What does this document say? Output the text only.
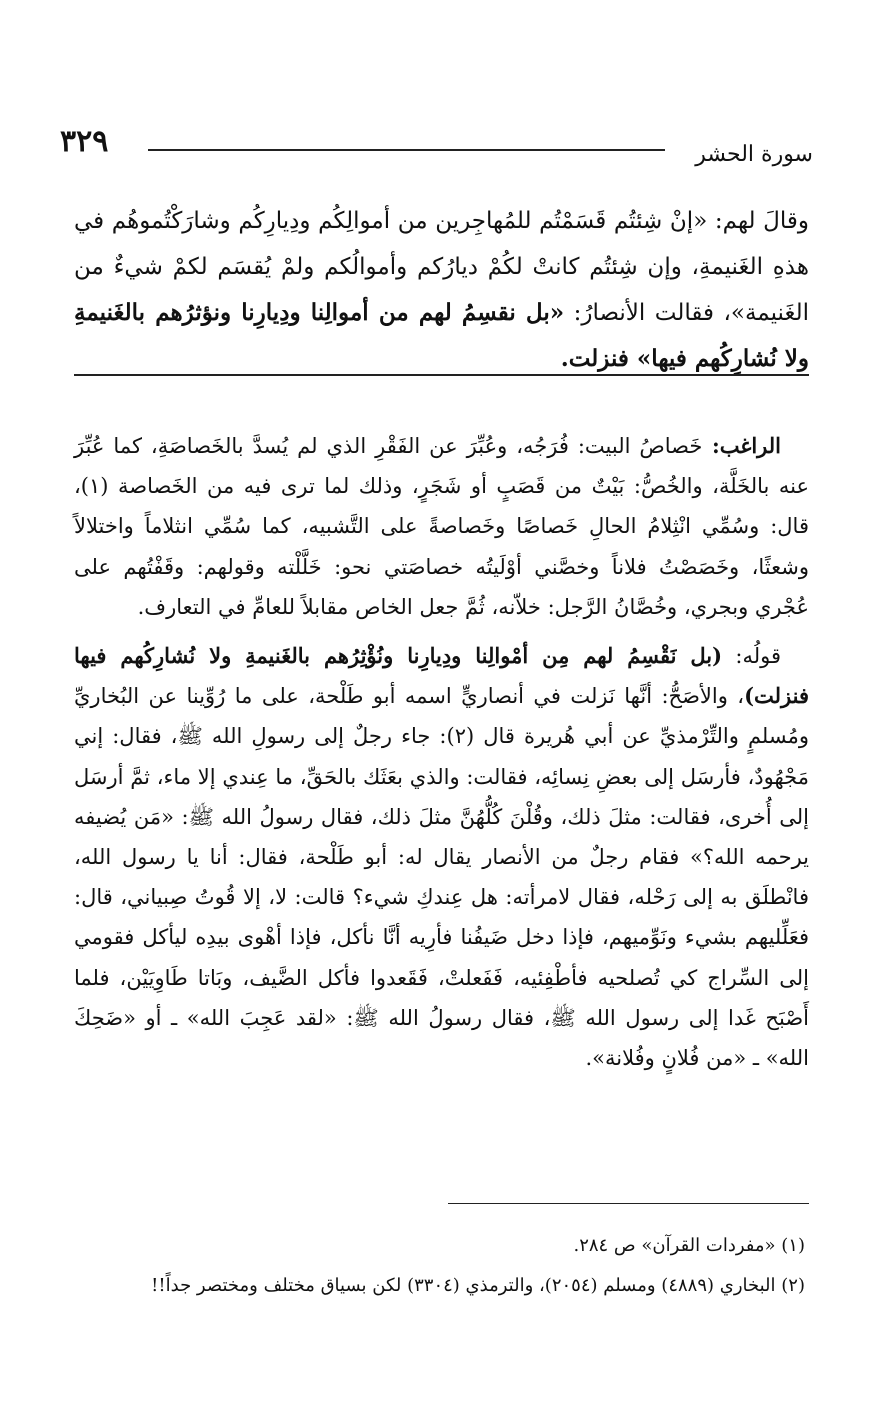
٣٢٩	سورة الحشر
وقالَ لهم: «إنْ شِئتُم قَسَمْتُم للمُهاجِرين من أموالِكُم ودِيارِكُم وشارَكْتُموهُم في هذهِ الغَنيمةِ، وإن شِئتُم كانتْ لكُمْ ديارُكم وأموالُكم ولمْ يُقسَم لكمْ شيءٌ من الغَنيمة»، فقالت الأنصارُ: «بل نقسِمُ لهم من أموالِنا ودِيارِنا ونؤثرُهم بالغَنيمةِ ولا نُشارِكُهم فيها» فنزلت.

الراغب: خَصاصُ البيت: فُرَجُه، وعُبِّرَ عن الفَقْرِ الذي لم يُسدَّ بالخَصاصَةِ، كما عُبِّرَ عنه بالخَلَّة، والخُصُّ: بَيْتٌ من قَصَبٍ أو شَجَرٍ، وذلك لما ترى فيه من الخَصاصة (١)، قال: وسُمِّي انْثِلامُ الحالِ خَصاصًا وخَصاصةً على التَّشبيه، كما سُمِّي انثلاماً واختلالاً وشعثًا، وخَصَصْتُ فلاناً وخصَّني أوْلَيتُه خصاصَتي نحو: خَلَّلْته وقولهم: وقَفْتُهم على عُجْري وبجري، وخُصَّانُ الرَّجل: خلاّنه، ثُمَّ جعل الخاص مقابلاً للعامِّ في التعارف.

قولُه: (بل نَقْسِمُ لهم مِن أمْوالِنا ودِيارِنا ونُؤْثِرُهم بالغَنيمةِ ولا نُشارِكُهم فيها فنزلت)، والأصَحُّ: أنَّها نَزلت في أنصاريٍّ اسمه أبو طَلْحة، على ما رُوِّينا عن البُخاريِّ ومُسلمٍ والتِّرْمذيِّ عن أبي هُريرة قال (٢): جاء رجلٌ إلى رسولِ الله ﷺ، فقال: إني مَجْهُودٌ، فأرسَل إلى بعضِ نِسائِه، فقالت: والذي بعَثَك بالحَقِّ، ما عِندي إلا ماء، ثمَّ أرسَل إلى أُخرى، فقالت: مثلَ ذلك، وقُلْنَ كُلُّهُنَّ مثلَ ذلك، فقال رسولُ الله ﷺ: «مَن يُضيفه يرحمه الله؟» فقام رجلٌ من الأنصار يقال له: أبو طَلْحة، فقال: أنا يا رسول الله، فانْطلَق به إلى رَحْله، فقال لامرأته: هل عِندكِ شيء؟ قالت: لا، إلا قُوتُ صِبياني، قال: فعَلِّليهم بشيء ونَوِّميهم، فإذا دخل ضَيفُنا فأرِيه أنَّا نأكل، فإذا أهْوى بيدِه ليأكل فقومي إلى السِّراج كي تُصلحيه فأطْفِئيه، فَفَعلتْ، فَقَعدوا فأكل الضَّيف، وبَاتا طَاوِيَيْن، فلما أَصْبَح غَدا إلى رسول الله ﷺ، فقال رسولُ الله ﷺ: «لقد عَجِبَ الله» ـ أو «ضَحِكَ الله» ـ «من فُلانٍ وفُلانة».

(١) «مفردات القرآن» ص ٢٨٤.

(٢) البخاري (٤٨٨٩) ومسلم (٢٠٥٤)، والترمذي (٣٣٠٤) لكن بسياق مختلف ومختصر جداً!!
